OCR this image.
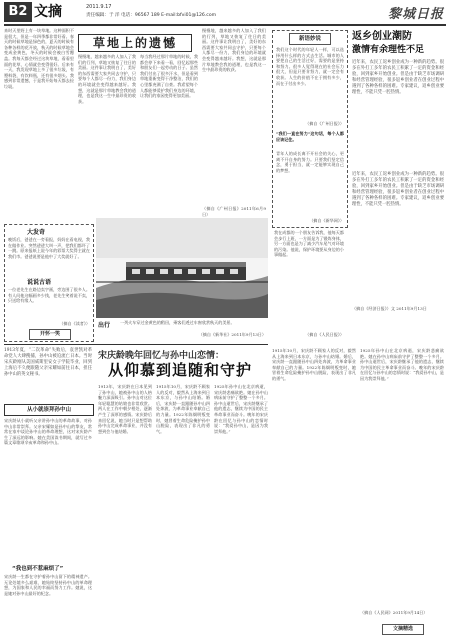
B2 文摘	2011.9.17
责任编辑：于 洋 电话：96567 189 E-mail:bfvi01@126.com	黎城日报
来时天里野上有一块草地。这种面积不是很大，但是一年四季都非常好看。春天的时候草地是绿色的，夏天的时候有各种各样的花开放，秋天的时候草地会变成金黄色，冬天的时候会被白雪覆盖。我每天都会经过这块草地，看看里面的花草，心情就会变得很好。后来有一天，我发现草地上多了很多垃圾，有塑料袋，有饮料瓶，还有很多烟头。我感到非常遗憾，于是我开始每天都去捡垃圾。
草地上的遗憾
慢慢地，越来越多的人加入了我们的行列，草地又恢复了往日的美丽。这件事让我明白了，美好的东西需要大家共同去守护，只要每个人都尽一份力，我们身边的环境就会变得越来越好。我想，这就是那片草地教会我的道理，也是我这一生中最珍贵的收获。
每当我经过那片草地的时候，我都会停下来看一看，回忆起那些和朋友们一起劳动的日子。虽然我们付出了很多汗水，但是看到草地重新变得干净整洁，我们的心里都充满了自豪。我希望每个人都能够爱护我们身边的环境，让我们的家园变得更加美丽。
慢慢地，越来越多的人加入了我们的行列，草地又恢复了往日的美丽。这件事让我明白了，美好的东西需要大家共同去守护，只要每个人都尽一份力，我们身边的环境就会变得越来越好。我想，这就是那片草地教会我的道理，也是我这一生中最珍贵的收获。
（摘自《广州日报》2011年6月9日）
新语妙说
我们这个时代的年轻人一样，可以选择用什么样的方式去生活。城市的人要把自己的生活过好，需要的是坚持和努力。很多人觉得现在的社会压力很大，但是只要肯努力，就一定会有收获。人生的价值不在于拥有多少，而在于付出多少。
（摘自《广州日报》）
“我们一直在努力”这句话，每个人都应该记住。
青年人的成长离不开社会的关心，更离不开自身的努力。只要我们坚定信念，勇于担当，就一定能够实现自己的梦想。
（摘自《新华网》）
返乡创业潮防
激情有余理性不足
近年来，农民工返乡创业成为一种新的趋势。很多在外打工多年的农民工积累了一定的资金和经验，回到家乡开始创业。但是由于缺乏市场调研和经营管理经验，很多返乡创业者在创业过程中遇到了各种各样的困难。专家建议，返乡创业要理性，不能只凭一腔热情。
近年来，农民工返乡创业成为一种新的趋势。很多在外打工多年的农民工积累了一定的资金和经验，回到家乡开始创业。但是由于缺乏市场调研和经营管理经验，很多返乡创业者在创业过程中遇到了各种各样的困难。专家建议，返乡创业要理性，不能只凭一腔热情。
（摘自《经济日报》）文 2011年9月13日
大发奇
晚饭后，爸爸在一旁看报，妈妈在看电视，我在做作业。突然爸爸大叫一声，把我们都吓了一跳。原来报纸上说今年的彩票大奖得主就在我们市。爸爸说要是他中了大奖就好了。
说说古语
一位老先生在路边卖字画，旁边围了很多人。有人问他这幅画多少钱，老先生笑着说不卖，只送给有缘人。
（摘自《读者》）
开怀一笑
出行 一列火车穿过金黄色的稻田，乘客们透过车窗欣赏秋天的美景。
（摘自《新华社》2011年9月13日）
我在成都的一个朋友告诉我，他每天都会步行上班，一方面是为了锻炼身体，另一方面也是为了减少汽车尾气对环境的污染。他说，保护环境要从身边的小事做起。
（摘自《人民日报》）
1913年夏，“二次革命”失败后，袁世凯对革命党人大肆搜捕，孙中山被迫流亡日本。当时宋庆龄刚从美国威斯里安女子学院毕业，回到上海后不久便跟随父亲宋耀如前往日本，担任孙中山的英文秘书。
从小就崇拜孙中山
宋庆龄从小就听父亲讲孙中山的革命故事，对孙中山非常崇拜。父亲宋耀如是孙中山的挚友，常常在家中谈论孙中山的革命理想，这对宋庆龄产生了深远的影响。她在美国读书期间，就写过多篇文章歌颂辛亥革命和孙中山。
“我也到不惹麻烦了”
宋庆龄一生都在守护着孙中山留下的精神遗产。无论处境多么艰难，她始终坚持孙中山的革命理想，为国家和人民的幸福而努力工作。她说，这是她对孙中山最好的纪念。
宋庆龄晚年回忆与孙中山恋情：
从仰慕到追随和守护
1913年，宋庆龄在日本见到了孙中山，她被孙中山的人格魅力深深吸引。孙中山对这位年轻聪慧的姑娘也非常欣赏。两人在工作中朝夕相处，逐渐产生了深厚的感情。宋庆龄后来回忆说，她当时只是想帮助孙中山完成革命事业，并没有想到会与他结婚。
1915年10月，宋庆龄不顾家人的反对，毅然从上海来到日本东京，与孙中山结婚。婚后，宋庆龄一直跟随孙中山四处奔波，为革命事业奉献自己的力量。1922年陈炯明叛变时，她冒着生命危险掩护孙中山脱险，表现出了非凡的勇气。
1925年孙中山在北京病逝，宋庆龄悲痛欲绝。她在孙中山病床前守护了整整一个多月。孙中山逝世后，宋庆龄继承了他的遗志，继续为中国的民主革命事业而奋斗。晚年的宋庆龄在回忆与孙中山的恋情时说：“我爱孙中山，是因为我崇拜他。”
1915年10月，宋庆龄不顾家人的反对，毅然从上海来到日本东京，与孙中山结婚。婚后，宋庆龄一直跟随孙中山四处奔波，为革命事业奉献自己的力量。1922年陈炯明叛变时，她冒着生命危险掩护孙中山脱险，表现出了非凡的勇气。
1925年孙中山在北京病逝，宋庆龄悲痛欲绝。她在孙中山病床前守护了整整一个多月。孙中山逝世后，宋庆龄继承了他的遗志，继续为中国的民主革命事业而奋斗。晚年的宋庆龄在回忆与孙中山的恋情时说：“我爱孙中山，是因为我崇拜他。”
（摘自《人民网》2011年9月14日）
文摘精选
